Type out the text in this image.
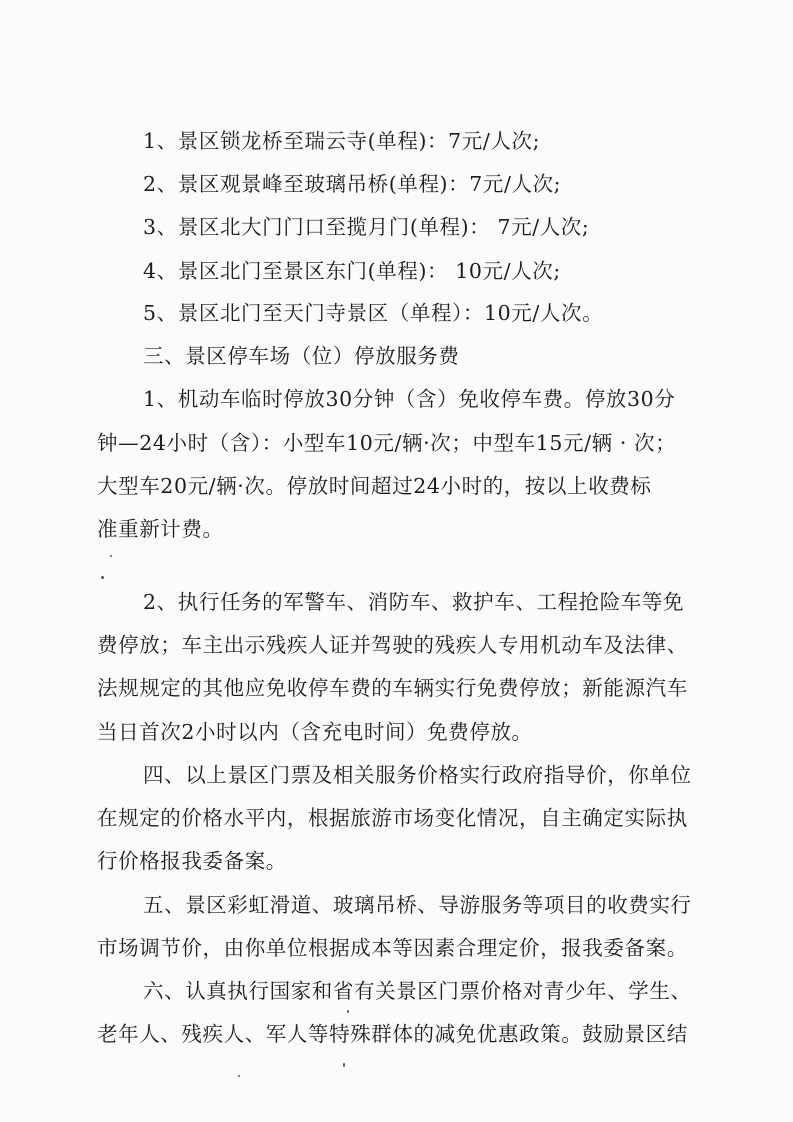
1、景区锁龙桥至瑞云寺(单程)：7元/人次;
2、景区观景峰至玻璃吊桥(单程)：7元/人次;
3、景区北大门门口至揽月门(单程)： 7元/人次;
4、景区北门至景区东门(单程)： 10元/人次;
5、景区北门至天门寺景区（单程）：10元/人次。
三、景区停车场（位）停放服务费
1、机动车临时停放30分钟（含）免收停车费。停放30分
钟—24小时（含）：小型车10元/辆·次；中型车15元/辆 · 次；
大型车20元/辆·次。停放时间超过24小时的，按以上收费标
准重新计费。
2、执行任务的军警车、消防车、救护车、工程抢险车等免
费停放；车主出示残疾人证并驾驶的残疾人专用机动车及法律、
法规规定的其他应免收停车费的车辆实行免费停放；新能源汽车
当日首次2小时以内（含充电时间）免费停放。
四、以上景区门票及相关服务价格实行政府指导价，你单位
在规定的价格水平内，根据旅游市场变化情况，自主确定实际执
行价格报我委备案。
五、景区彩虹滑道、玻璃吊桥、导游服务等项目的收费实行
市场调节价，由你单位根据成本等因素合理定价，报我委备案。
六、认真执行国家和省有关景区门票价格对青少年、学生、
老年人、残疾人、军人等特殊群体的减免优惠政策。鼓励景区结
